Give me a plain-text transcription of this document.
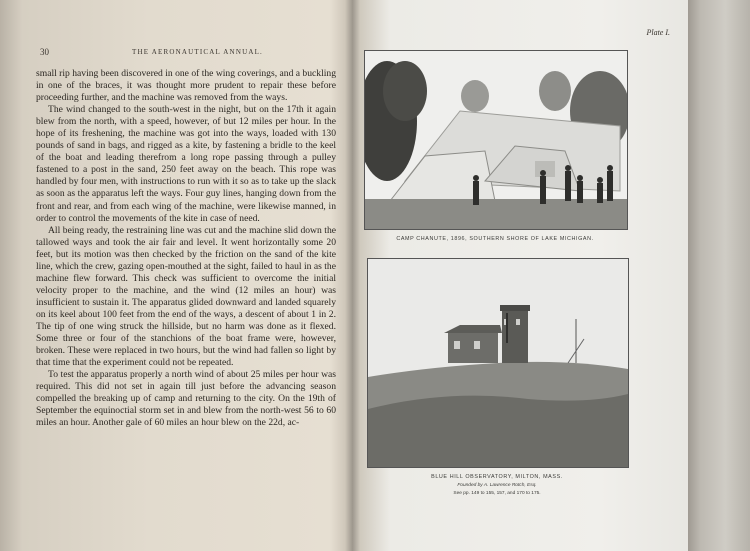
30	THE AERONAUTICAL ANNUAL.

small rip having been discovered in one of the wing coverings, and a buckling in one of the braces, it was thought more prudent to repair these before proceeding further, and the machine was removed from the ways.

The wind changed to the south-west in the night, but on the 17th it again blew from the north, with a speed, however, of but 12 miles per hour. In the hope of its freshening, the machine was got into the ways, loaded with 130 pounds of sand in bags, and rigged as a kite, by fastening a bridle to the keel of the boat and leading therefrom a long rope passing through a pulley fastened to a post in the sand, 250 feet away on the beach. This rope was handled by four men, with instructions to run with it so as to take up the slack as soon as the apparatus left the ways. Four guy lines, hanging down from the front and rear, and from each wing of the machine, were likewise manned, in order to control the movements of the kite in case of need.

All being ready, the restraining line was cut and the machine slid down the tallowed ways and took the air fair and level. It went horizontally some 20 feet, but its motion was then checked by the friction on the sand of the kite line, which the crew, gazing open-mouthed at the sight, failed to haul in as the machine flew forward. This check was sufficient to overcome the initial velocity proper to the machine, and the wind (12 miles an hour) was insufficient to sustain it. The apparatus glided downward and landed squarely on its keel about 100 feet from the end of the ways, a descent of about 1 in 2. The tip of one wing struck the hillside, but no harm was done as it flexed. Some three or four of the stanchions of the boat frame were, however, broken. These were replaced in two hours, but the wind had fallen so light by that time that the experiment could not be repeated.

To test the apparatus properly a north wind of about 25 miles per hour was required. This did not set in again till just before the advancing season compelled the breaking up of camp and returning to the city. On the 19th of September the equinoctial storm set in and blew from the north-west 56 to 60 miles an hour. Another gale of 60 miles an hour blew on the 22d, ac-

Plate I.
CAMP CHANUTE, 1896, SOUTHERN SHORE OF LAKE MICHIGAN.
BLUE HILL OBSERVATORY, MILTON, MASS.
Founded by A. Lawrence Rotch, Esq.
See pp. 149 to 155, 157, and 170 to 175.
